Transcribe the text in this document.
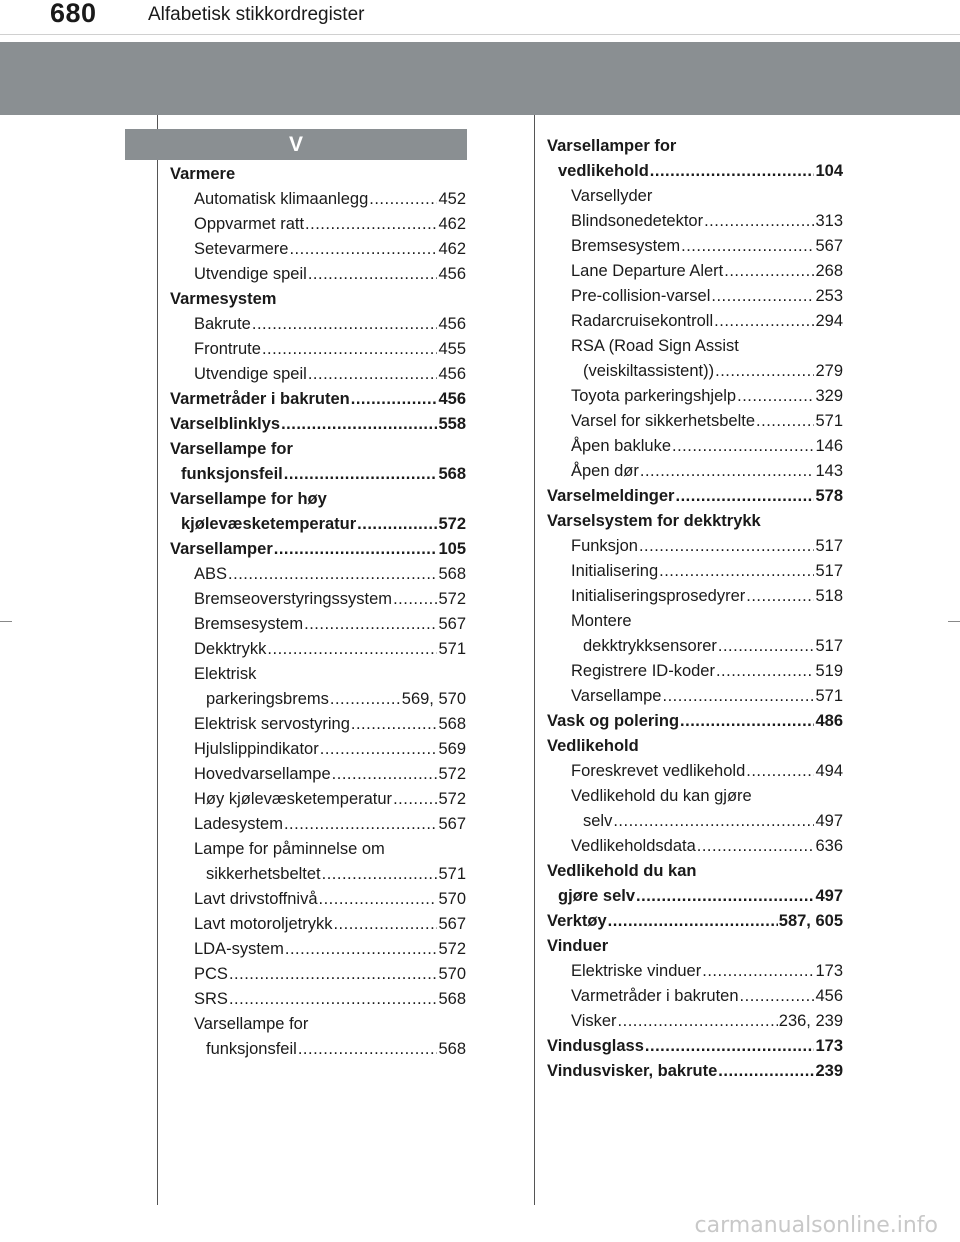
680	Alfabetisk stikkordregister
V
Varmere
Automatisk klimaanlegg .....	452
Oppvarmet ratt .....	462
Setevarmere .....	462
Utvendige speil .....	456
Varmesystem
Bakrute .....	456
Frontrute .....	455
Utvendige speil .....	456
Varmetråder i bakruten .....	456
Varselblinklys .....	558
Varsellampe for
funksjonsfeil .....	568
Varsellampe for høy
kjølevæsketemperatur .....	572
Varsellamper .....	105
ABS .....	568
Bremseoverstyringssystem .....	572
Bremsesystem .....	567
Dekktrykk .....	571
Elektrisk
parkeringsbrems .....	569, 570
Elektrisk servostyring .....	568
Hjulslippindikator .....	569
Hovedvarsellampe .....	572
Høy kjølevæsketemperatur .....	572
Ladesystem .....	567
Lampe for påminnelse om
sikkerhetsbeltet .....	571
Lavt drivstoffnivå .....	570
Lavt motoroljetrykk .....	567
LDA-system .....	572
PCS .....	570
SRS .....	568
Varsellampe for
funksjonsfeil .....	568
Varsellamper for
vedlikehold .....	104
Varsellyder
Blindsonedetektor .....	313
Bremsesystem .....	567
Lane Departure Alert .....	268
Pre-collision-varsel .....	253
Radarcruisekontroll .....	294
RSA (Road Sign Assist
(veiskiltassistent)) .....	279
Toyota parkeringshjelp .....	329
Varsel for sikkerhetsbelte .....	571
Åpen bakluke .....	146
Åpen dør .....	143
Varselmeldinger .....	578
Varselsystem for dekktrykk
Funksjon .....	517
Initialisering .....	517
Initialiseringsprosedyrer .....	518
Montere
dekktrykksensorer .....	517
Registrere ID-koder .....	519
Varsellampe .....	571
Vask og polering .....	486
Vedlikehold
Foreskrevet vedlikehold .....	494
Vedlikehold du kan gjøre
selv .....	497
Vedlikeholdsdata .....	636
Vedlikehold du kan
gjøre selv .....	497
Verktøy .....	587, 605
Vinduer
Elektriske vinduer .....	173
Varmetråder i bakruten .....	456
Visker .....	236, 239
Vindusglass .....	173
Vindusvisker, bakrute .....	239
carmanualsonline.info
